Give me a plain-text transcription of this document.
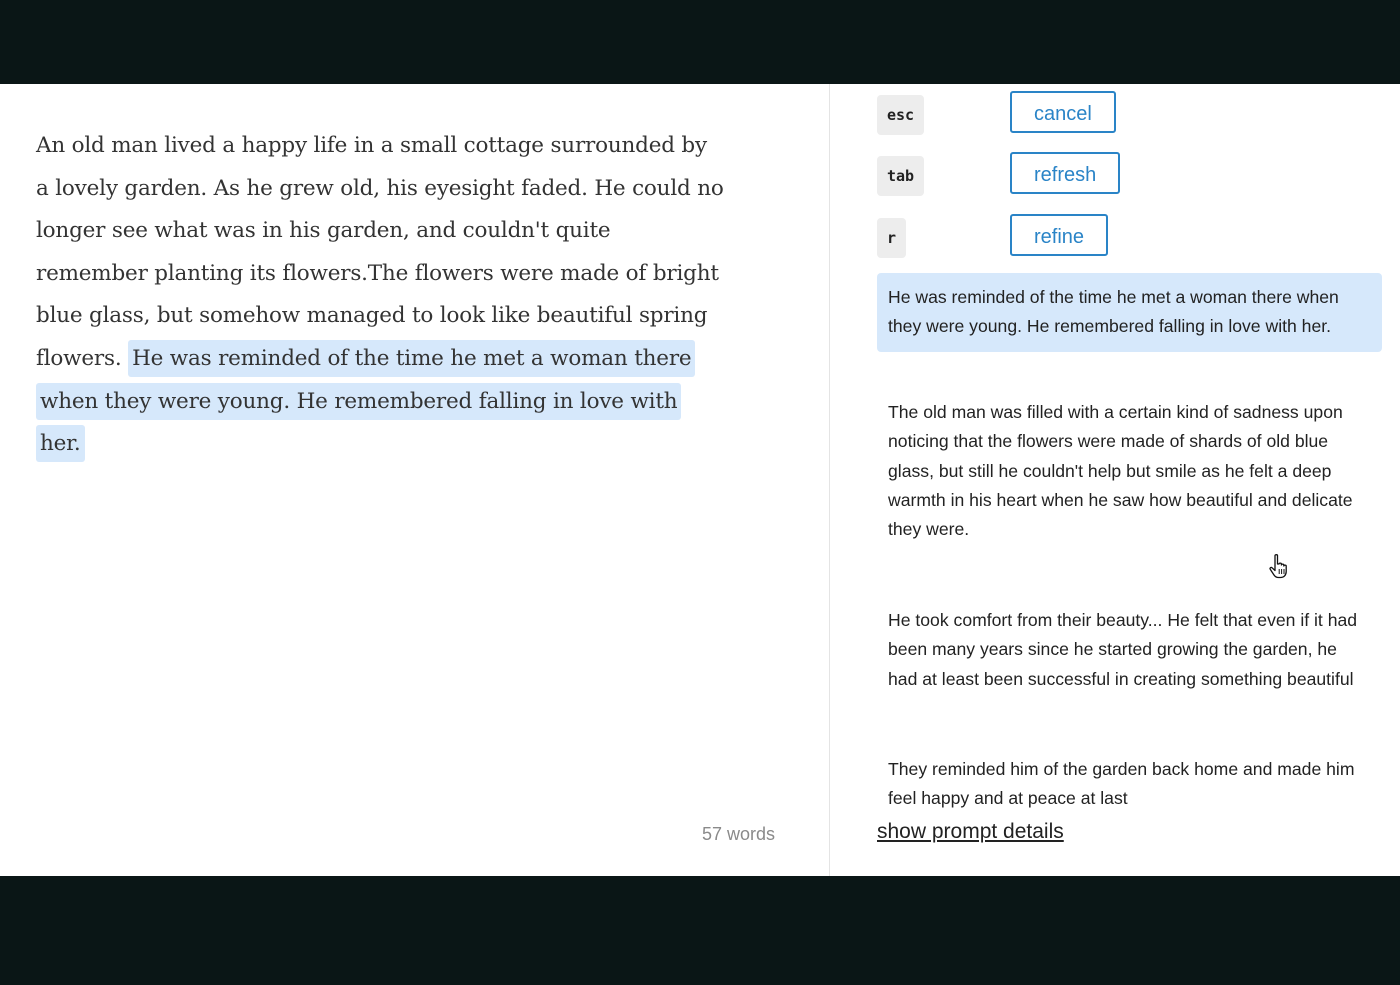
An old man lived a happy life in a small cottage surrounded by a lovely garden. As he grew old, his eyesight faded. He could no longer see what was in his garden, and couldn't quite remember planting its flowers.The flowers were made of bright blue glass, but somehow managed to look like beautiful spring flowers. He was reminded of the time he met a woman there when they were young. He remembered falling in love with her.
57 words
esc	cancel
tab	refresh
r	refine
He was reminded of the time he met a woman there when they were young. He remembered falling in love with her.
The old man was filled with a certain kind of sadness upon noticing that the flowers were made of shards of old blue glass, but still he couldn't help but smile as he felt a deep warmth in his heart when he saw how beautiful and delicate they were.
He took comfort from their beauty... He felt that even if it had been many years since he started growing the garden, he had at least been successful in creating something beautiful
They reminded him of the garden back home and made him feel happy and at peace at last
show prompt details
